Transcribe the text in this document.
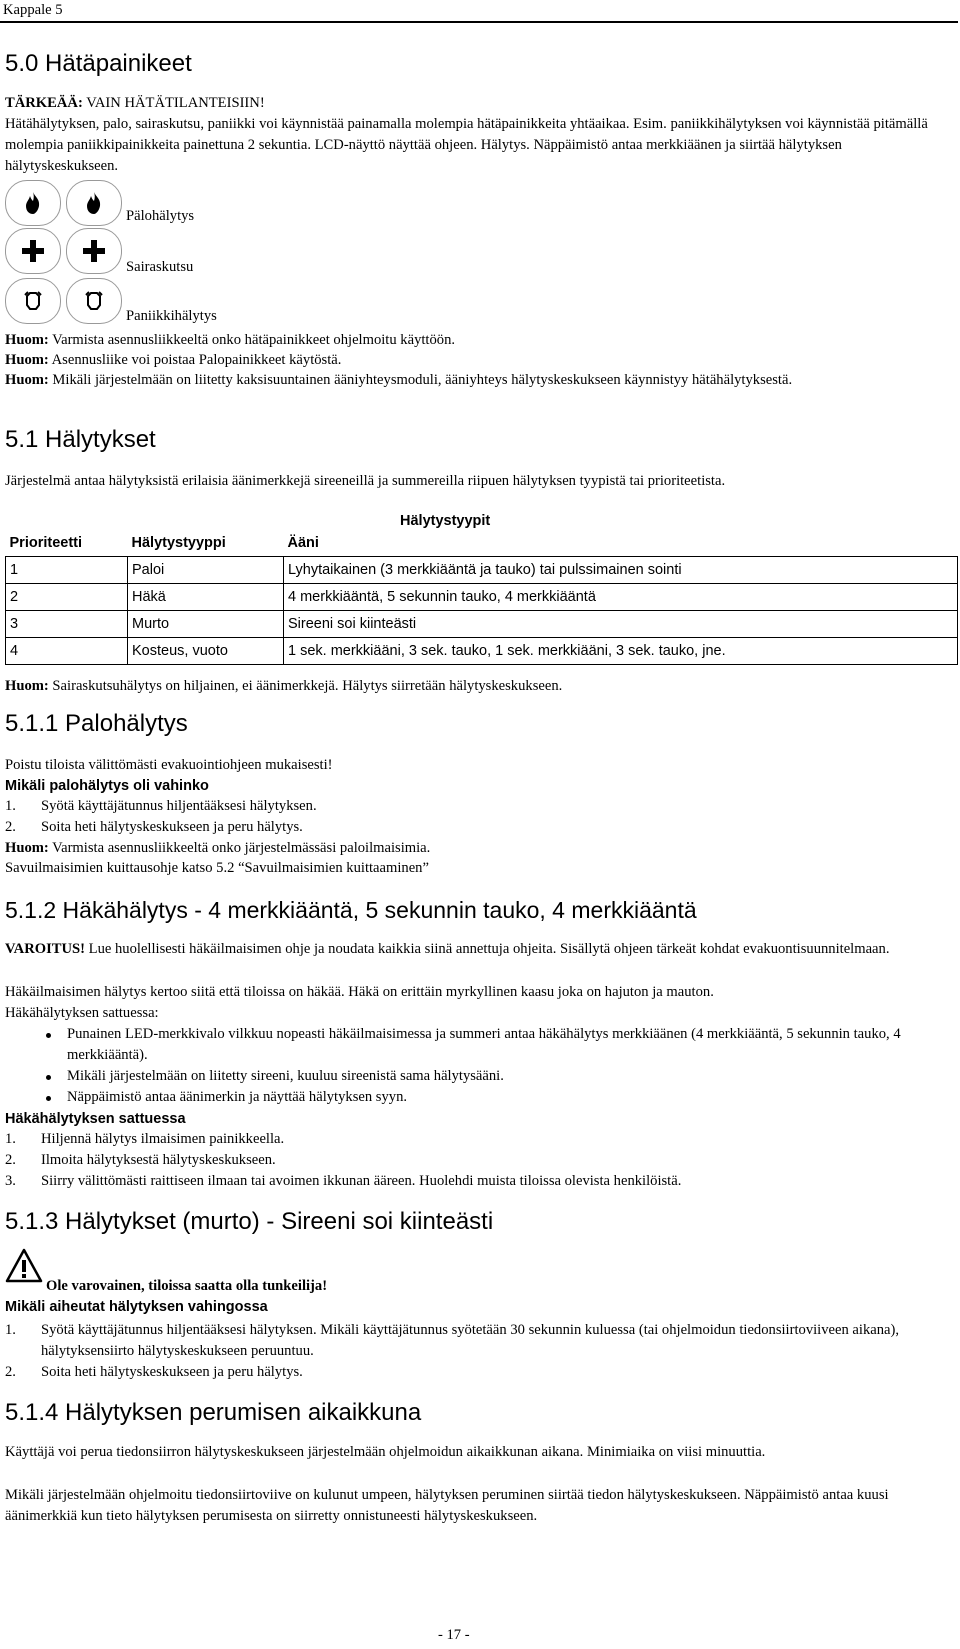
Kappale 5
5.0 Hätäpainikeet
TÄRKEÄÄ: VAIN HÄTÄTILANTEISIIN!
Hätähälytyksen, palo, sairaskutsu, paniikki voi käynnistää painamalla molempia hätäpainikkeita yhtäaikaa. Esim. paniikkihälytyksen voi käynnistää pitämällä molempia paniikkipainikkeita painettuna 2 sekuntia. LCD-näyttö näyttää ohjeen. Hälytys. Näppäimistö antaa merkkiäänen ja siirtää hälytyksen hälytyskeskukseen.
Pälohälytys
Sairaskutsu
Paniikkihälytys
Huom: Varmista asennusliikkeeltä onko hätäpainikkeet ohjelmoitu käyttöön.
Huom: Asennusliike voi poistaa Palopainikkeet käytöstä.
Huom: Mikäli järjestelmään on liitetty kaksisuuntainen ääniyhteysmoduli, ääniyhteys hälytyskeskukseen käynnistyy hätähälytyksestä.
5.1 Hälytykset
Järjestelmä antaa hälytyksistä erilaisia äänimerkkejä sireeneillä ja summereilla riipuen hälytyksen tyypistä tai prioriteetista.
Hälytystyypit
Prioriteetti	Hälytystyyppi	Ääni
1	Paloi	Lyhytaikainen (3 merkkiääntä ja tauko) tai pulssimainen sointi
2	Häkä	4 merkkiääntä, 5 sekunnin tauko, 4 merkkiääntä
3	Murto	Sireeni soi kiinteästi
4	Kosteus, vuoto	1 sek. merkkiääni, 3 sek. tauko, 1 sek. merkkiääni, 3 sek. tauko, jne.
Huom: Sairaskutsuhälytys on hiljainen, ei äänimerkkejä. Hälytys siirretään hälytyskeskukseen.
5.1.1 Palohälytys
Poistu tiloista välittömästi evakuointiohjeen mukaisesti!
Mikäli palohälytys oli vahinko
1. Syötä käyttäjätunnus hiljentääksesi hälytyksen.
2. Soita heti hälytyskeskukseen ja peru hälytys.
Huom: Varmista asennusliikkeeltä onko järjestelmässäsi paloilmaisimia.
Savuilmaisimien kuittausohje katso 5.2 “Savuilmaisimien kuittaaminen”
5.1.2 Häkähälytys - 4 merkkiääntä, 5 sekunnin tauko, 4 merkkiääntä
VAROITUS! Lue huolellisesti häkäilmaisimen ohje ja noudata kaikkia siinä annettuja ohjeita. Sisällytä ohjeen tärkeät kohdat evakuontisuunnitelmaan.
Häkäilmaisimen hälytys kertoo siitä että tiloissa on häkää. Häkä on erittäin myrkyllinen kaasu joka on hajuton ja mauton.
Häkähälytyksen sattuessa:
Punainen LED-merkkivalo vilkkuu nopeasti häkäilmaisimessa ja summeri antaa häkähälytys merkkiäänen (4 merkkiääntä, 5 sekunnin tauko, 4 merkkiääntä).
Mikäli järjestelmään on liitetty sireeni, kuuluu sireenistä sama hälytysääni.
Näppäimistö antaa äänimerkin ja näyttää hälytyksen syyn.
Häkähälytyksen sattuessa
1. Hiljennä hälytys ilmaisimen painikkeella.
2. Ilmoita hälytyksestä hälytyskeskukseen.
3. Siirry välittömästi raittiseen ilmaan tai avoimen ikkunan ääreen. Huolehdi muista tiloissa olevista henkilöistä.
5.1.3 Hälytykset (murto) - Sireeni soi kiinteästi
Ole varovainen, tiloissa saatta olla tunkeilija!
Mikäli aiheutat hälytyksen vahingossa
1. Syötä käyttäjätunnus hiljentääksesi hälytyksen. Mikäli käyttäjätunnus syötetään 30 sekunnin kuluessa (tai ohjelmoidun tiedonsiirtoviiveen aikana), hälytyksensiirto hälytyskeskukseen peruuntuu.
2. Soita heti hälytyskeskukseen ja peru hälytys.
5.1.4 Hälytyksen perumisen aikaikkuna
Käyttäjä voi perua tiedonsiirron hälytyskeskukseen järjestelmään ohjelmoidun aikaikkunan aikana. Minimiaika on viisi minuuttia.
Mikäli järjestelmään ohjelmoitu tiedonsiirtoviive on kulunut umpeen, hälytyksen peruminen siirtää tiedon hälytyskeskukseen. Näppäimistö antaa kuusi äänimerkkiä kun tieto hälytyksen perumisesta on siirretty onnistuneesti hälytyskeskukseen.
- 17 -
